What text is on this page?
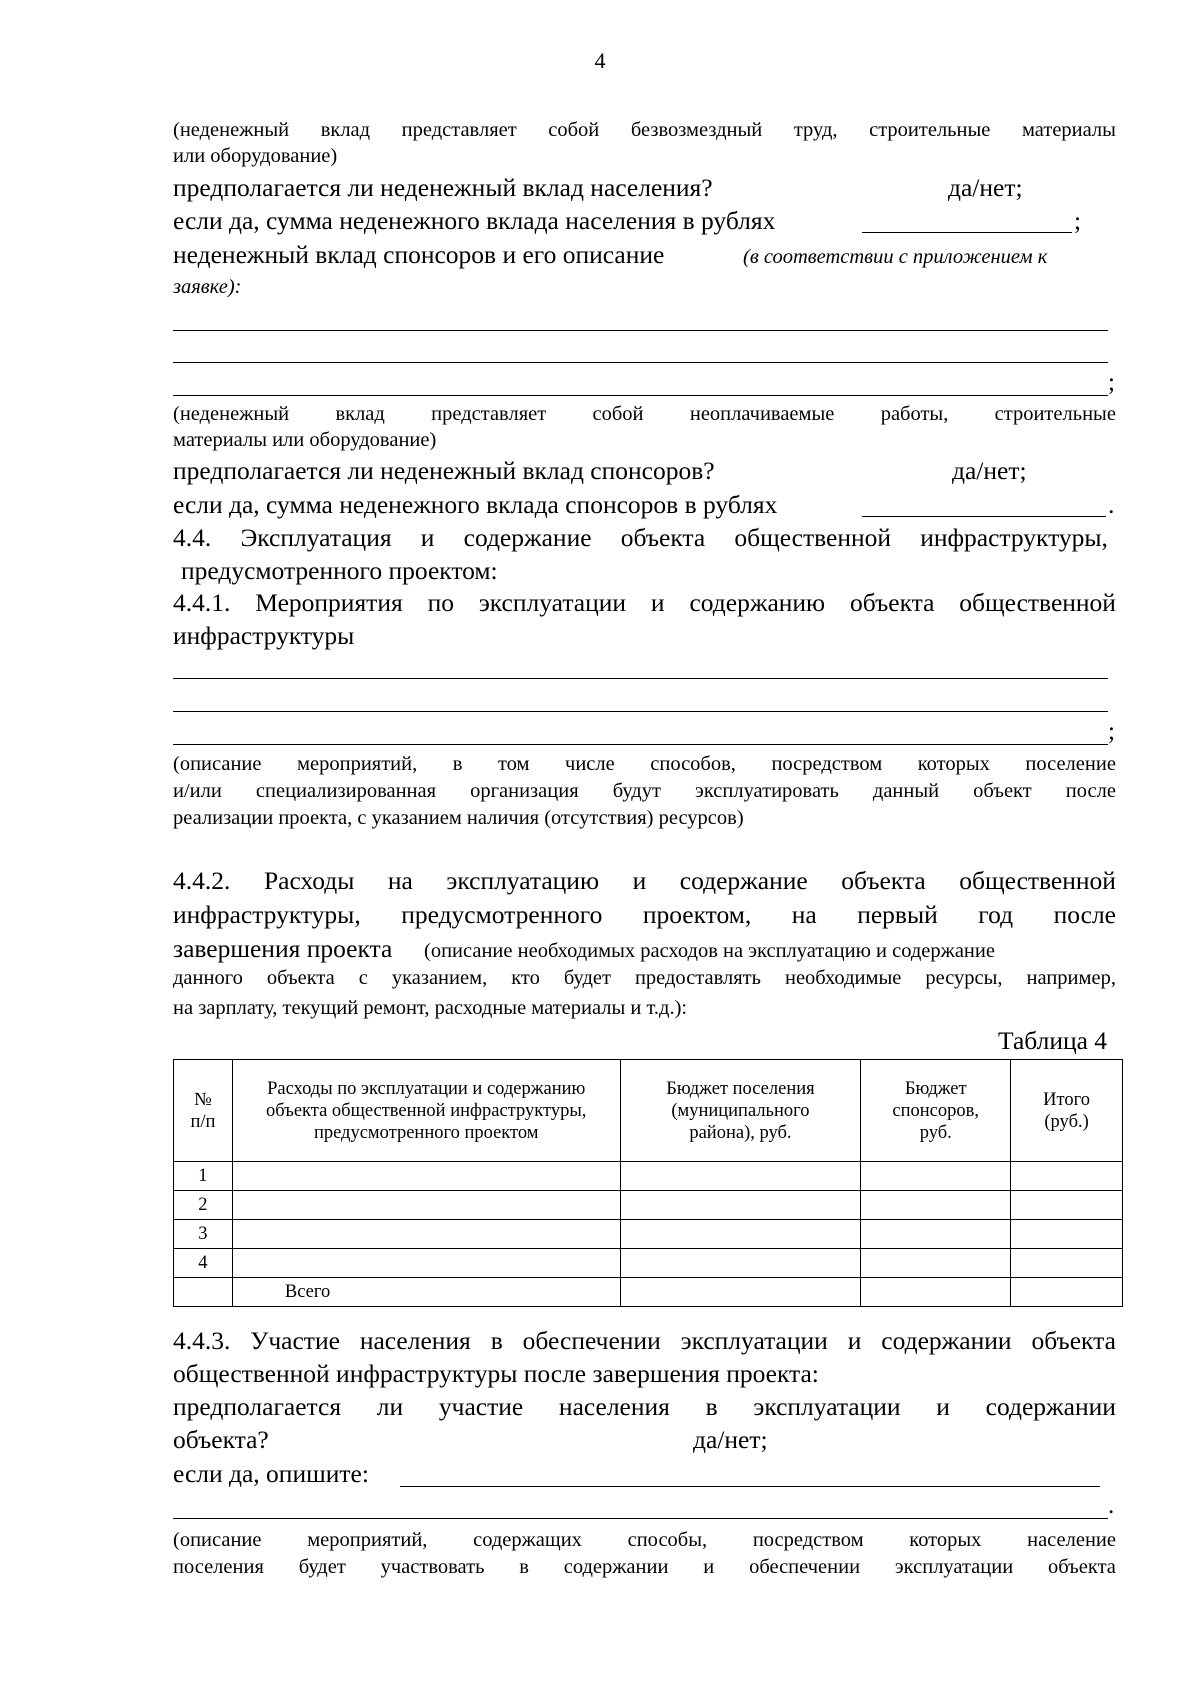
4
(неденежный вклад представляет собой безвозмездный труд, строительные материалы
или оборудование)
предполагается ли неденежный вклад населения?	да/нет;
если да, сумма неденежного вклада населения в рублях	;
неденежный вклад спонсоров и его описание	(в соответствии с приложением к
заявке):
;
(неденежный вклад представляет собой неоплачиваемые работы, строительные
материалы или оборудование)
предполагается ли неденежный вклад спонсоров?	да/нет;
если да, сумма неденежного вклада спонсоров в рублях	.
4.4. Эксплуатация и содержание объекта общественной инфраструктуры,
предусмотренного проектом:
4.4.1. Мероприятия по эксплуатации и содержанию объекта общественной
инфраструктуры
;
(описание мероприятий, в том числе способов, посредством которых поселение
и/или специализированная организация будут эксплуатировать данный объект после
реализации проекта, с указанием наличия (отсутствия) ресурсов)
4.4.2. Расходы на эксплуатацию и содержание объекта общественной
инфраструктуры, предусмотренного проектом, на первый год после
завершения проекта (описание необходимых расходов на эксплуатацию и содержание
данного объекта с указанием, кто будет предоставлять необходимые ресурсы, например,
на зарплату, текущий ремонт, расходные материалы и т.д.):
Таблица 4
№ п/п	Расходы по эксплуатации и содержанию объекта общественной инфраструктуры, предусмотренного проектом	Бюджет поселения (муниципального района), руб.	Бюджет спонсоров, руб.	Итого (руб.)

1				
2				
3				
4				
	Всего			
4.4.3. Участие населения в обеспечении эксплуатации и содержании объекта
общественной инфраструктуры после завершения проекта:
предполагается ли участие населения в эксплуатации и содержании
объекта?	да/нет;
если да, опишите:
.
(описание мероприятий, содержащих способы, посредством которых население
поселения будет участвовать в содержании и обеспечении эксплуатации объекта
